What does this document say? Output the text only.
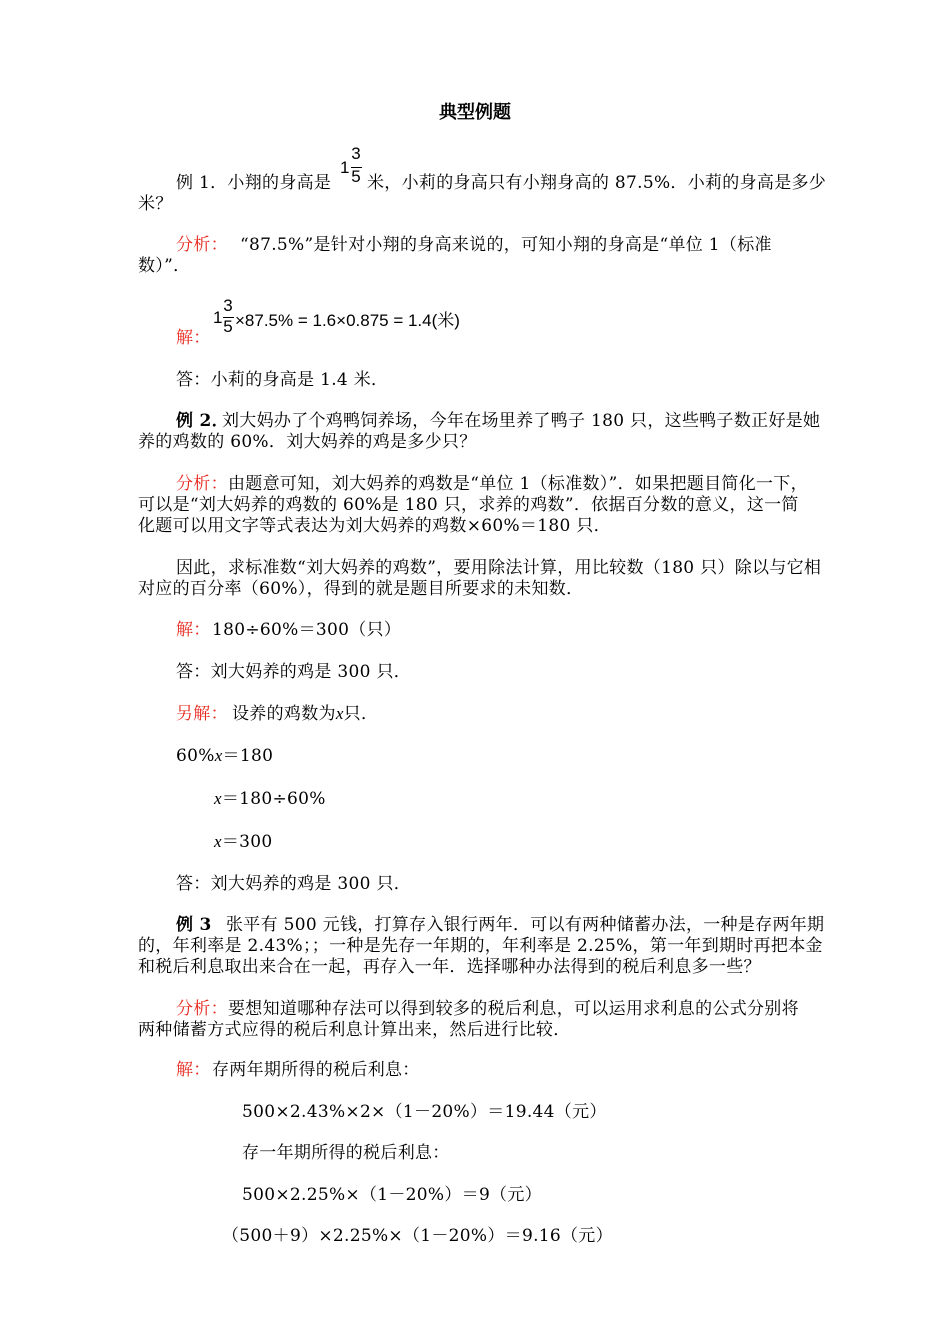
典型例题
1
3
5
例 1．小翔的身高是 米，小莉的身高只有小翔身高的 87.5%．小莉的身高是多少
米？
分析： “87.5%”是针对小翔的身高来说的，可知小翔的身高是“单位 1（标准
数）”．
解：
1
3
5 ×87.5% = 1.6×0.875 = 1.4(米)
答：小莉的身高是 1.4 米．
例 2．
刘大妈办了个鸡鸭饲养场，今年在场里养了鸭子 180 只，这些鸭子数正好是她
养的鸡数的 60%．刘大妈养的鸡是多少只？
分析： 由题意可知，刘大妈养的鸡数是“单位 1（标准数）”．如果把题目简化一下，
可以是“刘大妈养的鸡数的 60%是 180 只，求养的鸡数”．依据百分数的意义，这一简
化题可以用文字等式表达为刘大妈养的鸡数×60%＝180 只．
因此，求标准数“刘大妈养的鸡数”，要用除法计算，用比较数（180 只）除以与它相
对应的百分率（60%），得到的就是题目所要求的未知数．
解： 180÷60%＝300（只）
答：刘大妈养的鸡是 300 只．
另解： 设养的鸡数为x只．
60%x＝180
x＝180÷60%
x＝300
答：刘大妈养的鸡是 300 只．
例 3 张平有 500 元钱，打算存入银行两年．可以有两种储蓄办法，一种是存两年期
的，年利率是 2.43%；；一种是先存一年期的，年利率是 2.25%，第一年到期时再把本金
和税后利息取出来合在一起，再存入一年．选择哪种办法得到的税后利息多一些？
分析： 要想知道哪种存法可以得到较多的税后利息，可以运用求利息的公式分别将
两种储蓄方式应得的税后利息计算出来，然后进行比较．
解： 存两年期所得的税后利息：
500×2.43%×2×（1－20%）＝19.44（元）
存一年期所得的税后利息：
500×2.25%×（1－20%）＝9（元）
（500＋9）×2.25%×（1－20%）＝9.16（元）
